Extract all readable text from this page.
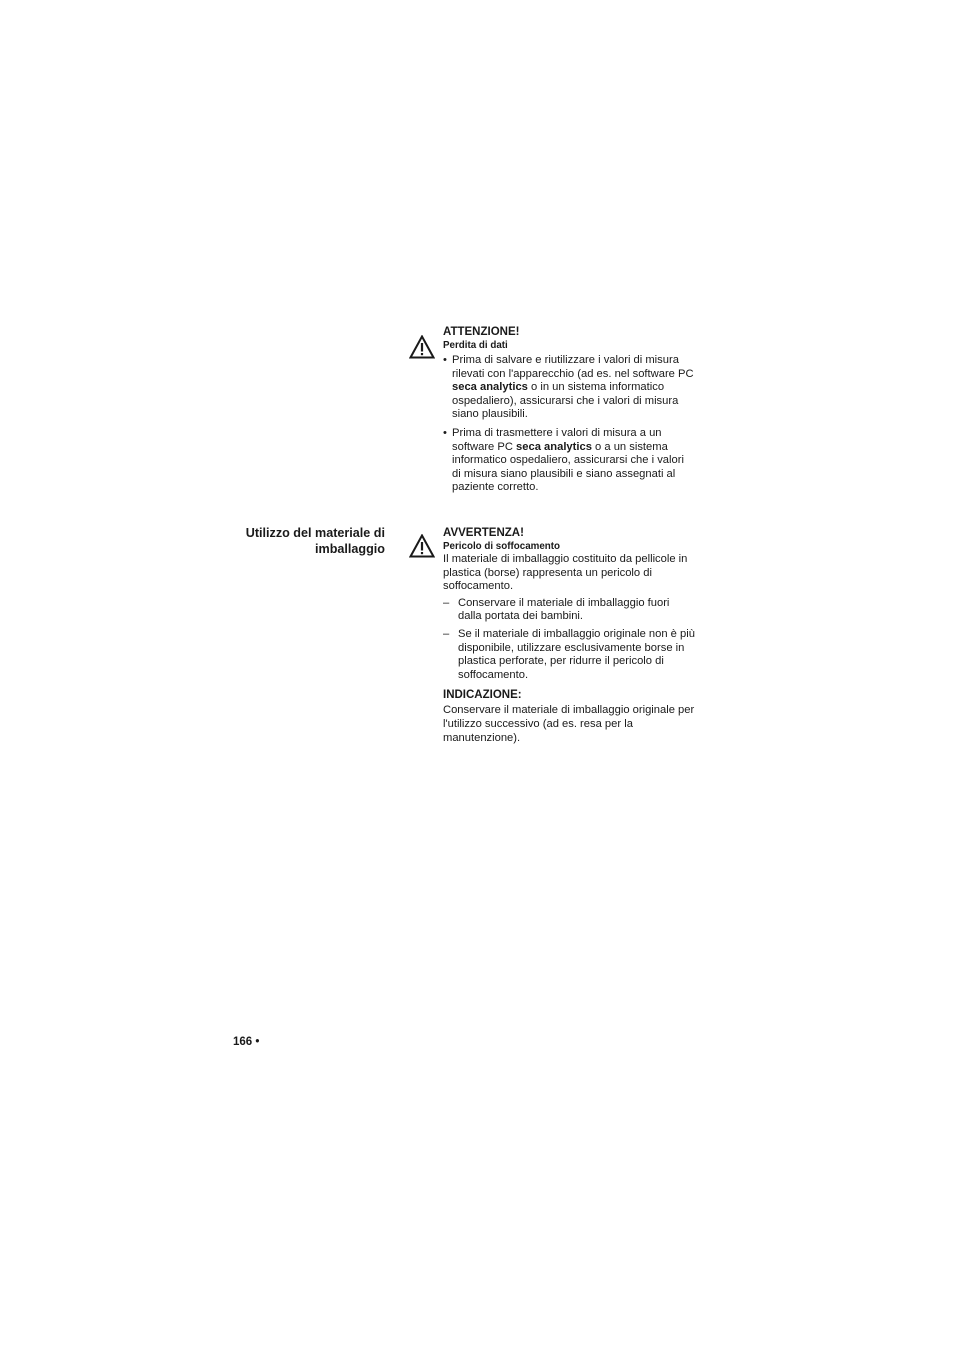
ATTENZIONE!
Perdita di dati
• Prima di salvare e riutilizzare i valori di misura rilevati con l'apparecchio (ad es. nel software PC seca analytics o in un sistema informatico ospedaliero), assicurarsi che i valori di misura siano plausibili.
• Prima di trasmettere i valori di misura a un software PC seca analytics o a un sistema informatico ospedaliero, assicurarsi che i valori di misura siano plausibili e siano assegnati al paziente corretto.
Utilizzo del materiale di
imballaggio
AVVERTENZA!
Pericolo di soffocamento
Il materiale di imballaggio costituito da pellicole in plastica (borse) rappresenta un pericolo di soffocamento.
– Conservare il materiale di imballaggio fuori dalla portata dei bambini.
– Se il materiale di imballaggio originale non è più disponibile, utilizzare esclusivamente borse in plastica perforate, per ridurre il pericolo di soffocamento.
INDICAZIONE:
Conservare il materiale di imballaggio originale per l'utilizzo successivo (ad es. resa per la manutenzione).
166 •
